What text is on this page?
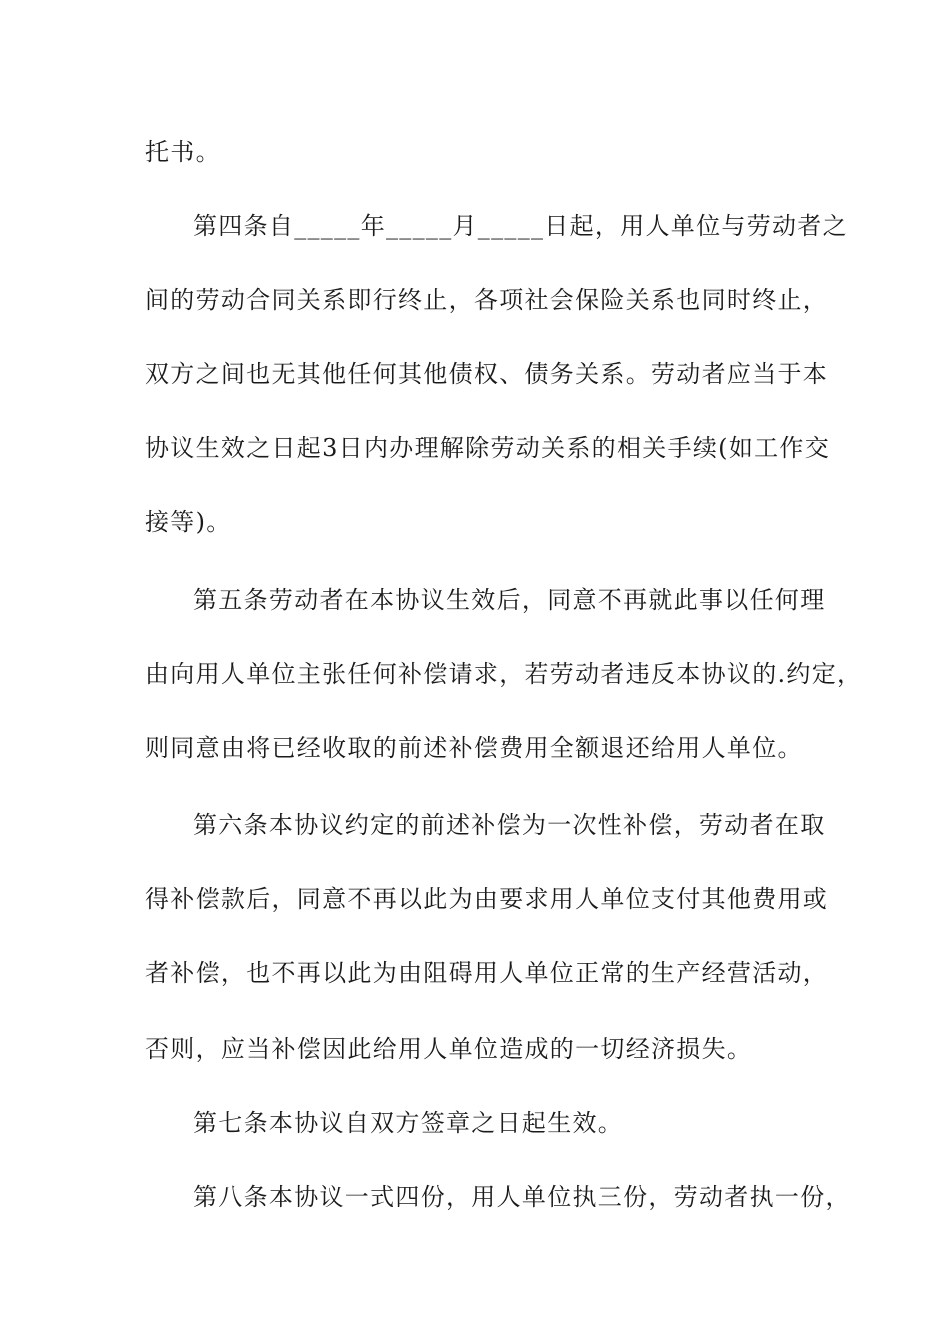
托书。
第四条自_____年_____月_____日起，用人单位与劳动者之
间的劳动合同关系即行终止，各项社会保险关系也同时终止，
双方之间也无其他任何其他债权、债务关系。劳动者应当于本
协议生效之日起3日内办理解除劳动关系的相关手续(如工作交
接等)。
第五条劳动者在本协议生效后，同意不再就此事以任何理
由向用人单位主张任何补偿请求，若劳动者违反本协议的.约定，
则同意由将已经收取的前述补偿费用全额退还给用人单位。
第六条本协议约定的前述补偿为一次性补偿，劳动者在取
得补偿款后，同意不再以此为由要求用人单位支付其他费用或
者补偿，也不再以此为由阻碍用人单位正常的生产经营活动，
否则，应当补偿因此给用人单位造成的一切经济损失。
第七条本协议自双方签章之日起生效。
第八条本协议一式四份，用人单位执三份，劳动者执一份，
